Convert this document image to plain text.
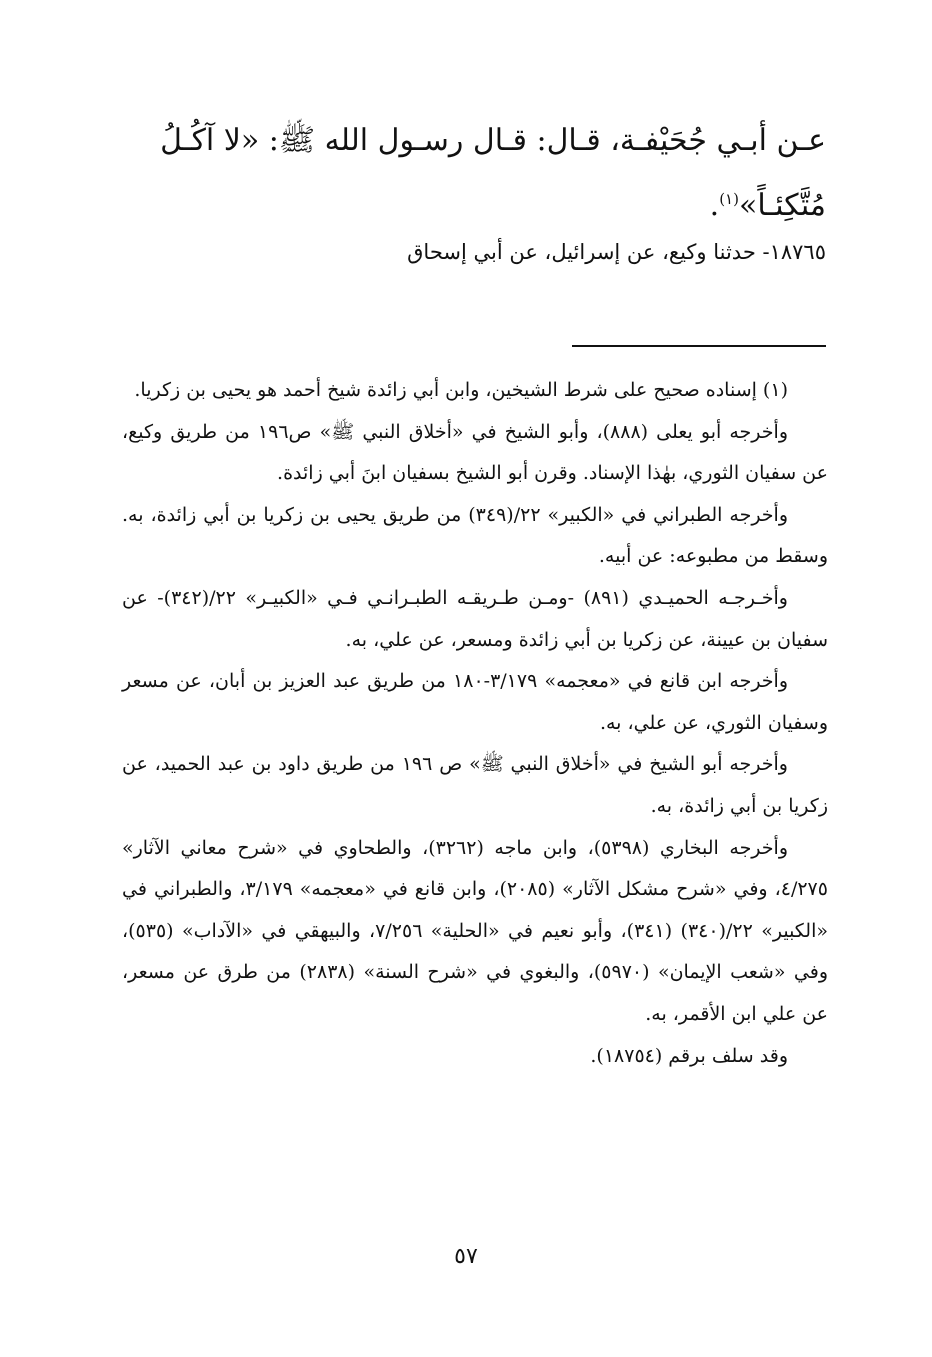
عـن أبـي جُحَيْفـة، قـال: قـال رسـول الله ﷺ: «لا آكُـلُ

مُتَّكِئـاً»$^{(١)}$.

١٨٧٦٥- حدثنا وكيع، عن إسرائيل، عن أبي إسحاق

(١) إسناده صحيح على شرط الشيخين، وابن أبي زائدة شيخ أحمد هو يحيى بن زكريا.

وأخرجه أبو يعلى (٨٨٨)، وأبو الشيخ في «أخلاق النبي ﷺ» ص١٩٦ من طريق وكيع، عن سفيان الثوري، بهٰذا الإسناد. وقرن أبو الشيخ بسفيان ابنَ أبي زائدة.

وأخرجه الطبراني في «الكبير» ٢٢/(٣٤٩) من طريق يحيى بن زكريا بن أبي زائدة، به. وسقط من مطبوعه: عن أبيه.

وأخـرجـه الحميـدي (٨٩١) -ومـن طـريقـه الطبـرانـي فـي «الكبيـر» ٢٢/(٣٤٢)- عن سفيان بن عيينة، عن زكريا بن أبي زائدة ومسعر، عن علي، به.

وأخرجه ابن قانع في «معجمه» ٣/١٧٩-١٨٠ من طريق عبد العزيز بن أبان، عن مسعر وسفيان الثوري، عن علي، به.

وأخرجه أبو الشيخ في «أخلاق النبي ﷺ» ص ١٩٦ من طريق داود بن عبد الحميد، عن زكريا بن أبي زائدة، به.

وأخرجه البخاري (٥٣٩٨)، وابن ماجه (٣٢٦٢)، والطحاوي في «شرح معاني الآثار» ٤/٢٧٥، وفي «شرح مشكل الآثار» (٢٠٨٥)، وابن قانع في «معجمه» ٣/١٧٩، والطبراني في «الكبير» ٢٢/(٣٤٠) (٣٤١)، وأبو نعيم في «الحلية» ٧/٢٥٦، والبيهقي في «الآداب» (٥٣٥)، وفي «شعب الإيمان» (٥٩٧٠)، والبغوي في «شرح السنة» (٢٨٣٨) من طرق عن مسعر، عن علي ابن الأقمر، به.

وقد سلف برقم (١٨٧٥٤).

٥٧
